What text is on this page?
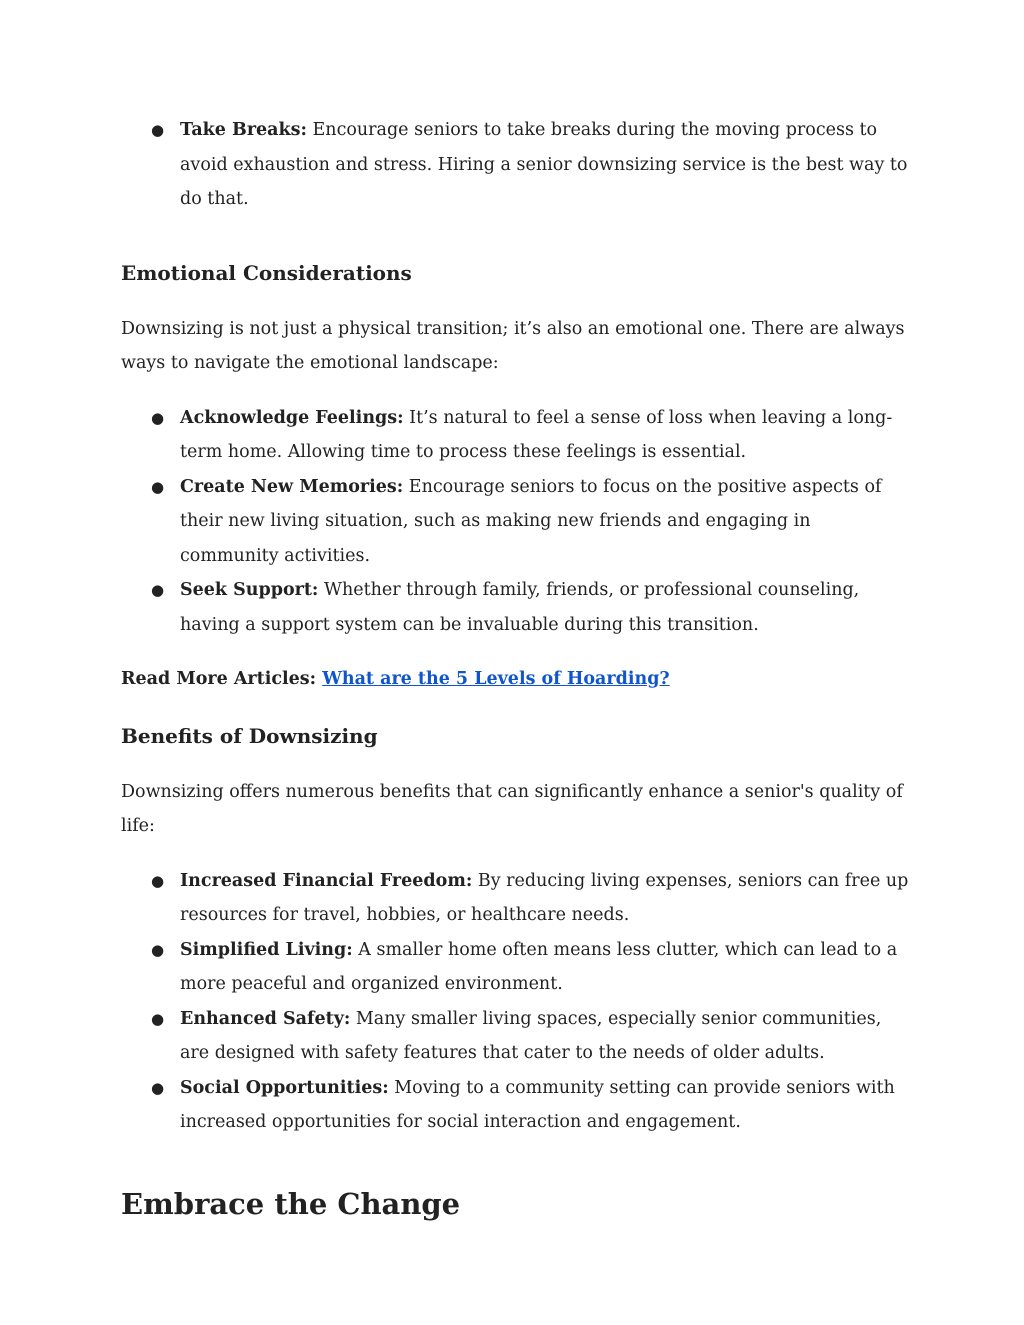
● Take Breaks: Encourage seniors to take breaks during the moving process to avoid exhaustion and stress. Hiring a senior downsizing service is the best way to do that.
Emotional Considerations

Downsizing is not just a physical transition; it’s also an emotional one. There are always ways to navigate the emotional landscape:

● Acknowledge Feelings: It’s natural to feel a sense of loss when leaving a long-term home. Allowing time to process these feelings is essential.
● Create New Memories: Encourage seniors to focus on the positive aspects of their new living situation, such as making new friends and engaging in community activities.
● Seek Support: Whether through family, friends, or professional counseling, having a support system can be invaluable during this transition.

Read More Articles: What are the 5 Levels of Hoarding?

Benefits of Downsizing

Downsizing offers numerous benefits that can significantly enhance a senior's quality of life:

● Increased Financial Freedom: By reducing living expenses, seniors can free up resources for travel, hobbies, or healthcare needs.
● Simplified Living: A smaller home often means less clutter, which can lead to a more peaceful and organized environment.
● Enhanced Safety: Many smaller living spaces, especially senior communities, are designed with safety features that cater to the needs of older adults.
● Social Opportunities: Moving to a community setting can provide seniors with increased opportunities for social interaction and engagement.
Embrace the Change
